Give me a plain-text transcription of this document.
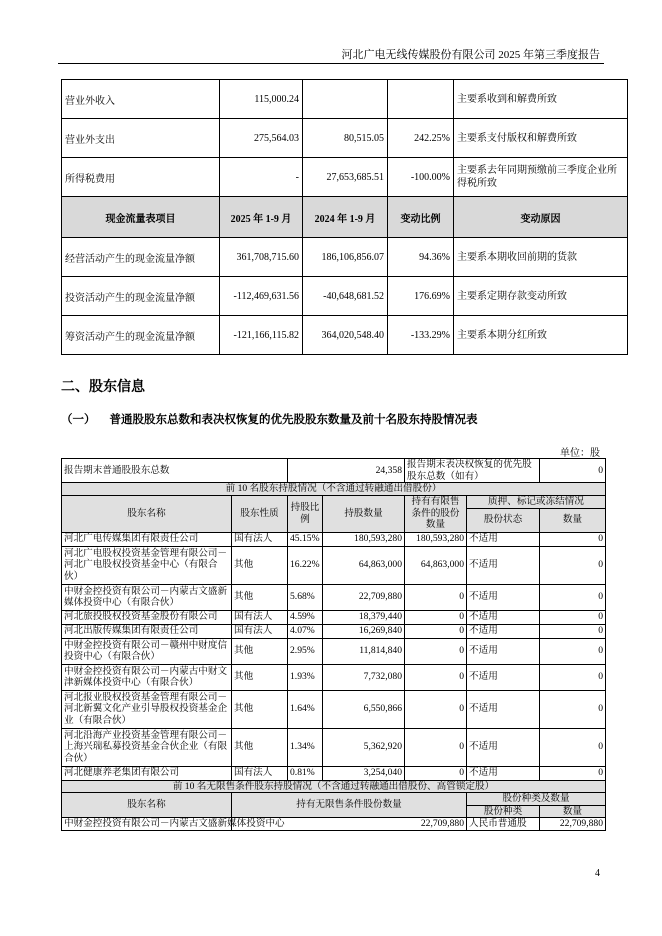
河北广电无线传媒股份有限公司 2025 年第三季度报告
营业外收入	115,000.24			主要系收到和解费所致
营业外支出	275,564.03	80,515.05	242.25%	主要系支付版权和解费所致
所得税费用	-	27,653,685.51	-100.00%	主要系去年同期预缴前三季度企业所得税所致
现金流量表项目	2025 年 1-9 月	2024 年 1-9 月	变动比例	变动原因
经营活动产生的现金流量净额	361,708,715.60	186,106,856.07	94.36%	主要系本期收回前期的货款
投资活动产生的现金流量净额	-112,469,631.56	-40,648,681.52	176.69%	主要系定期存款变动所致
筹资活动产生的现金流量净额	-121,166,115.82	364,020,548.40	-133.29%	主要系本期分红所致
二、股东信息
（一） 普通股股东总数和表决权恢复的优先股股东数量及前十名股东持股情况表
单位：股
报告期末普通股股东总数		24,358		报告期末表决权恢复的优先股股东总数（如有）		0
前 10 名股东持股情况（不含通过转融通出借股份）						
股东名称	股东性质	持股比例	持股数量	持有有限售条件的股份数量	质押、标记或冻结情况	
					股份状态	数量
河北广电传媒集团有限责任公司	国有法人	45.15%	180,593,280	180,593,280	不适用	0
河北广电股权投资基金管理有限公司－河北广电股权投资基金中心（有限合伙）	其他	16.22%	64,863,000	64,863,000	不适用	0
中财金控投资有限公司－内蒙古文盛新媒体投资中心（有限合伙）	其他	5.68%	22,709,880	0	不适用	0
河北旅投股权投资基金股份有限公司	国有法人	4.59%	18,379,440	0	不适用	0
河北出版传媒集团有限责任公司	国有法人	4.07%	16,269,840	0	不适用	0
中财金控投资有限公司－赣州中财度信投资中心（有限合伙）	其他	2.95%	11,814,840	0	不适用	0
中财金控投资有限公司－内蒙古中财文津新媒体投资中心（有限合伙）	其他	1.93%	7,732,080	0	不适用	0
河北报业股权投资基金管理有限公司－河北新翼文化产业引导股权投资基金企业（有限合伙）	其他	1.64%	6,550,866	0	不适用	0
河北沿海产业投资基金管理有限公司－上海兴瑞私募投资基金合伙企业（有限合伙）	其他	1.34%	5,362,920	0	不适用	0
河北健康养老集团有限公司	国有法人	0.81%	3,254,040	0	不适用	0
前 10 名无限售条件股东持股情况（不含通过转融通出借股份、高管锁定股）						
股东名称	持有无限售条件股份数量				股份种类及数量	
					股份种类	数量
中财金控投资有限公司－内蒙古文盛新媒体投资中心	22,709,880				人民币普通股	22,709,880
4
